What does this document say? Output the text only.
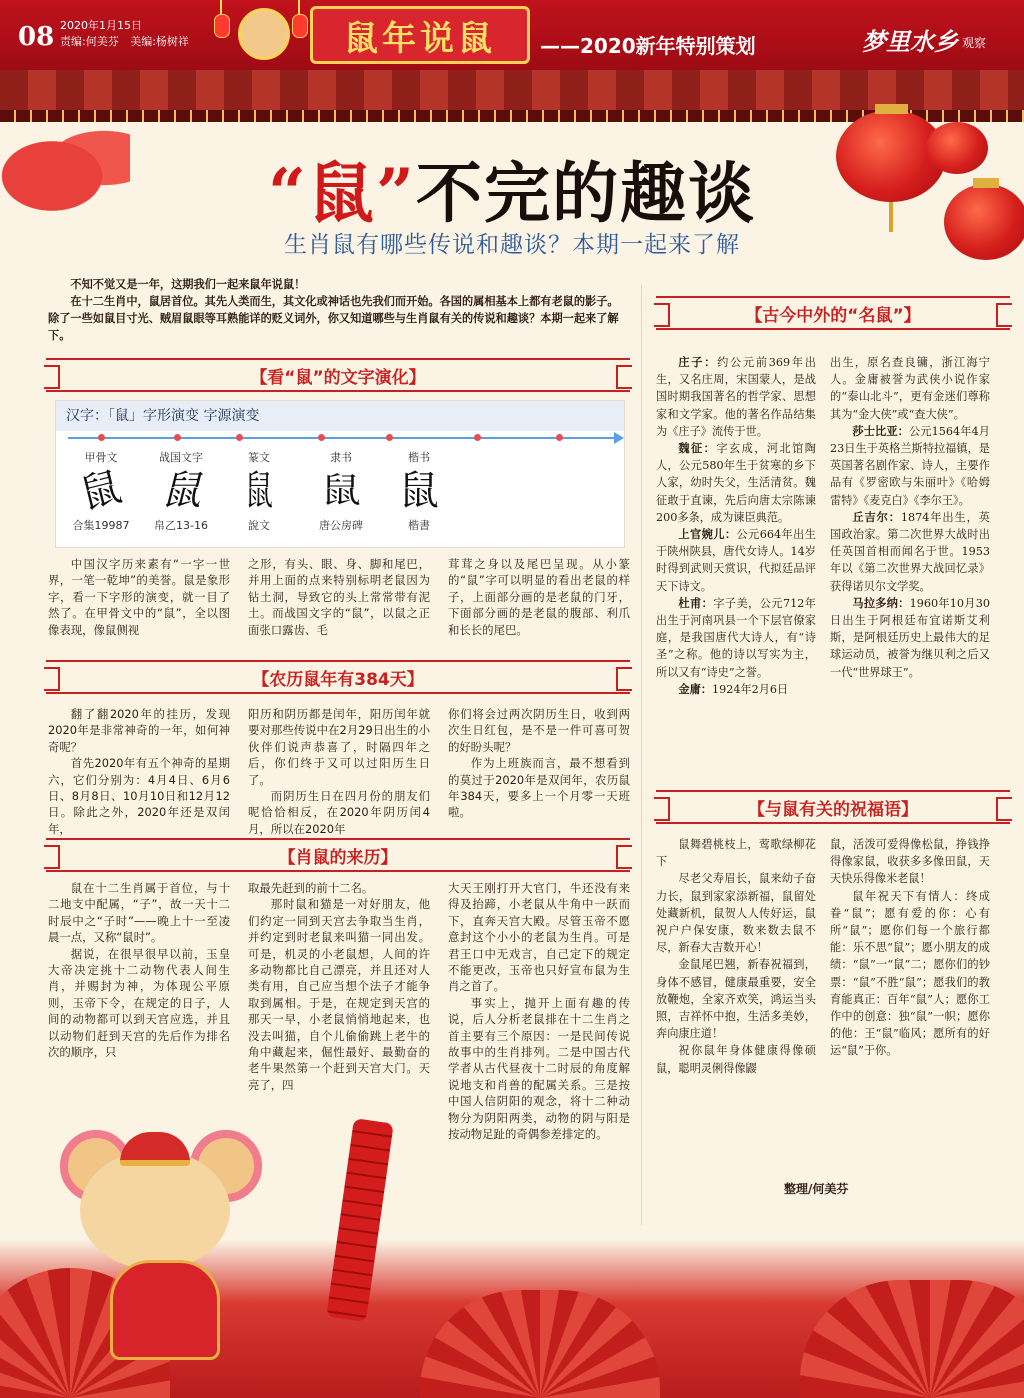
08 2020年1月15日
责编:何美芬 美编:杨树祥	鼠年说鼠 ——2020新年特别策划	梦里水乡 观察
“鼠”不完的趣谈
生肖鼠有哪些传说和趣谈？本期一起来了解

不知不觉又是一年，这期我们一起来鼠年说鼠！

在十二生肖中，鼠居首位。其先人类而生，其文化或神话也先我们而开始。各国的属相基本上都有老鼠的影子。除了一些如鼠目寸光、贼眉鼠眼等耳熟能详的贬义词外，你又知道哪些与生肖鼠有关的传说和趣谈？本期一起来了解下。

【看“鼠”的文字演化】
汉字：「鼠」字形演变 字源演变
甲骨文
鼠
合集19987
战国文字
鼠
帛乙13-16
篆文
鼠
說文
隶书
鼠
唐公房碑
楷书
鼠
楷書

中国汉字历来素有“一字一世界，一笔一乾坤”的美誉。鼠是象形字，看一下字形的演变，就一目了然了。在甲骨文中的“鼠”，全以图像表现，像鼠侧视

之形，有头、眼、身、脚和尾巴，并用上面的点来特别标明老鼠因为钻土洞，导致它的头上常常带有泥土。而战国文字的“鼠”，以鼠之正面张口露齿、毛

茸茸之身以及尾巴呈现。从小篆的“鼠”字可以明显的看出老鼠的样子，上面部分画的是老鼠的门牙，下面部分画的是老鼠的腹部、利爪和长长的尾巴。

【农历鼠年有384天】

翻了翻2020年的挂历，发现2020年是非常神奇的一年，如何神奇呢？

首先2020年有五个神奇的星期六，它们分别为：4月4日、6月6日、8月8日、10月10日和12月12日。除此之外，2020年还是双闰年，

阳历和阴历都是闰年，阳历闰年就要对那些传说中在2月29日出生的小伙伴们说声恭喜了，时隔四年之后，你们终于又可以过阳历生日了。

而阴历生日在四月份的朋友们呢恰恰相反，在2020年阴历闰4月，所以在2020年

你们将会过两次阴历生日，收到两次生日红包，是不是一件可喜可贺的好盼头呢？

作为上班族而言，最不想看到的莫过于2020年是双闰年，农历鼠年384天，要多上一个月零一天班啦。

【肖鼠的来历】

鼠在十二生肖属于首位，与十二地支中配属，“子”，故一天十二时辰中之“子时”——晚上十一至凌晨一点，又称“鼠时”。

据说，在很早很早以前，玉皇大帝决定挑十二动物代表人间生肖，并赐封为神，为体现公平原则，玉帝下令，在规定的日子，人间的动物都可以到天宫应选，并且以动物们赶到天宫的先后作为排名次的顺序，只

取最先赶到的前十二名。

那时鼠和猫是一对好朋友，他们约定一同到天宫去争取当生肖，并约定到时老鼠来叫猫一同出发。可是，机灵的小老鼠想，人间的许多动物都比自己漂亮，并且还对人类有用，自己应当想个法子才能争取到属相。于是，在规定到天宫的那天一早，小老鼠悄悄地起来，也没去叫猫，自个儿偷偷跳上老牛的角中藏起来，倔性最好、最勤奋的老牛果然第一个赶到天宫大门。天亮了，四

大天王刚打开大官门，牛还没有来得及抬蹄，小老鼠从牛角中一跃而下，直奔天宫大殿。尽管玉帝不愿意封这个小小的老鼠为生肖。可是君王口中无戏言，自己定下的规定不能更改，玉帝也只好宣布鼠为生肖之首了。

事实上，抛开上面有趣的传说，后人分析老鼠排在十二生肖之首主要有三个原因：一是民间传说故事中的生肖排列。二是中国古代学者从古代昼夜十二时辰的角度解说地支和肖兽的配属关系。三是按中国人信阴阳的观念，将十二种动物分为阴阳两类，动物的阴与阳是按动物足趾的奇偶参差排定的。

【古今中外的“名鼠”】

庄子：约公元前369年出生，又名庄周，宋国蒙人，是战国时期我国著名的哲学家、思想家和文学家。他的著名作品结集为《庄子》流传于世。

魏征：字玄成，河北馆陶人，公元580年生于贫寒的乡下人家，幼时失父，生活清贫。魏征敢于直谏，先后向唐太宗陈谏200多条，成为谏臣典范。

上官婉儿：公元664年出生于陕州陕县，唐代女诗人。14岁时得到武则天赏识，代拟廷品评天下诗文。

杜甫：字子美，公元712年出生于河南巩县一个下层官僚家庭，是我国唐代大诗人，有“诗圣”之称。他的诗以写实为主，所以又有“诗史”之誉。

金庸：1924年2月6日

出生，原名查良镛，浙江海宁人。金庸被誉为武侠小说作家的“泰山北斗”，更有金迷们尊称其为“金大侠”或“查大侠”。

莎士比亚：公元1564年4月23日生于英格兰斯特拉福镇，是英国著名剧作家、诗人，主要作品有《罗密欧与朱丽叶》《哈姆雷特》《麦克白》《李尔王》。

丘吉尔：1874年出生，英国政治家。第二次世界大战时出任英国首相而闻名于世。1953年以《第二次世界大战回忆录》获得诺贝尔文学奖。

马拉多纳：1960年10月30日出生于阿根廷布宜诺斯艾利斯，是阿根廷历史上最伟大的足球运动员，被誉为继贝利之后又一代“世界球王”。

【与鼠有关的祝福语】

鼠舞碧桃枝上，莺歌绿柳花下

尽老父寿眉长，鼠来幼子奋力长，鼠到家家添新福，鼠留处处藏新机，鼠贺人人传好运，鼠祝户户保安康，数来数去鼠不尽，新春大吉数开心！

金鼠尾巴翘，新春祝福到，身体不感冒，健康最重要，安全放鞭炮，全家齐欢笑，鸿运当头照，吉祥怀中抱，生活多美妙，奔向康庄道！

祝你鼠年身体健康得像硕鼠，聪明灵俐得像鼹

鼠，活泼可爱得像松鼠，挣钱挣得像家鼠，收获多多像田鼠，天天快乐得像米老鼠！

鼠年祝天下有情人：终成眷“鼠”；愿有爱的你：心有所“鼠”；愿你们每一个旅行都能：乐不思“鼠”；愿小朋友的成绩：“鼠”一“鼠”二；愿你们的钞票：“鼠”不胜“鼠”；愿我们的教育能真正：百年“鼠”人；愿你工作中的创意：独“鼠”一帜；愿你的他：王“鼠”临风；愿所有的好运“鼠”于你。

整理/何美芬
